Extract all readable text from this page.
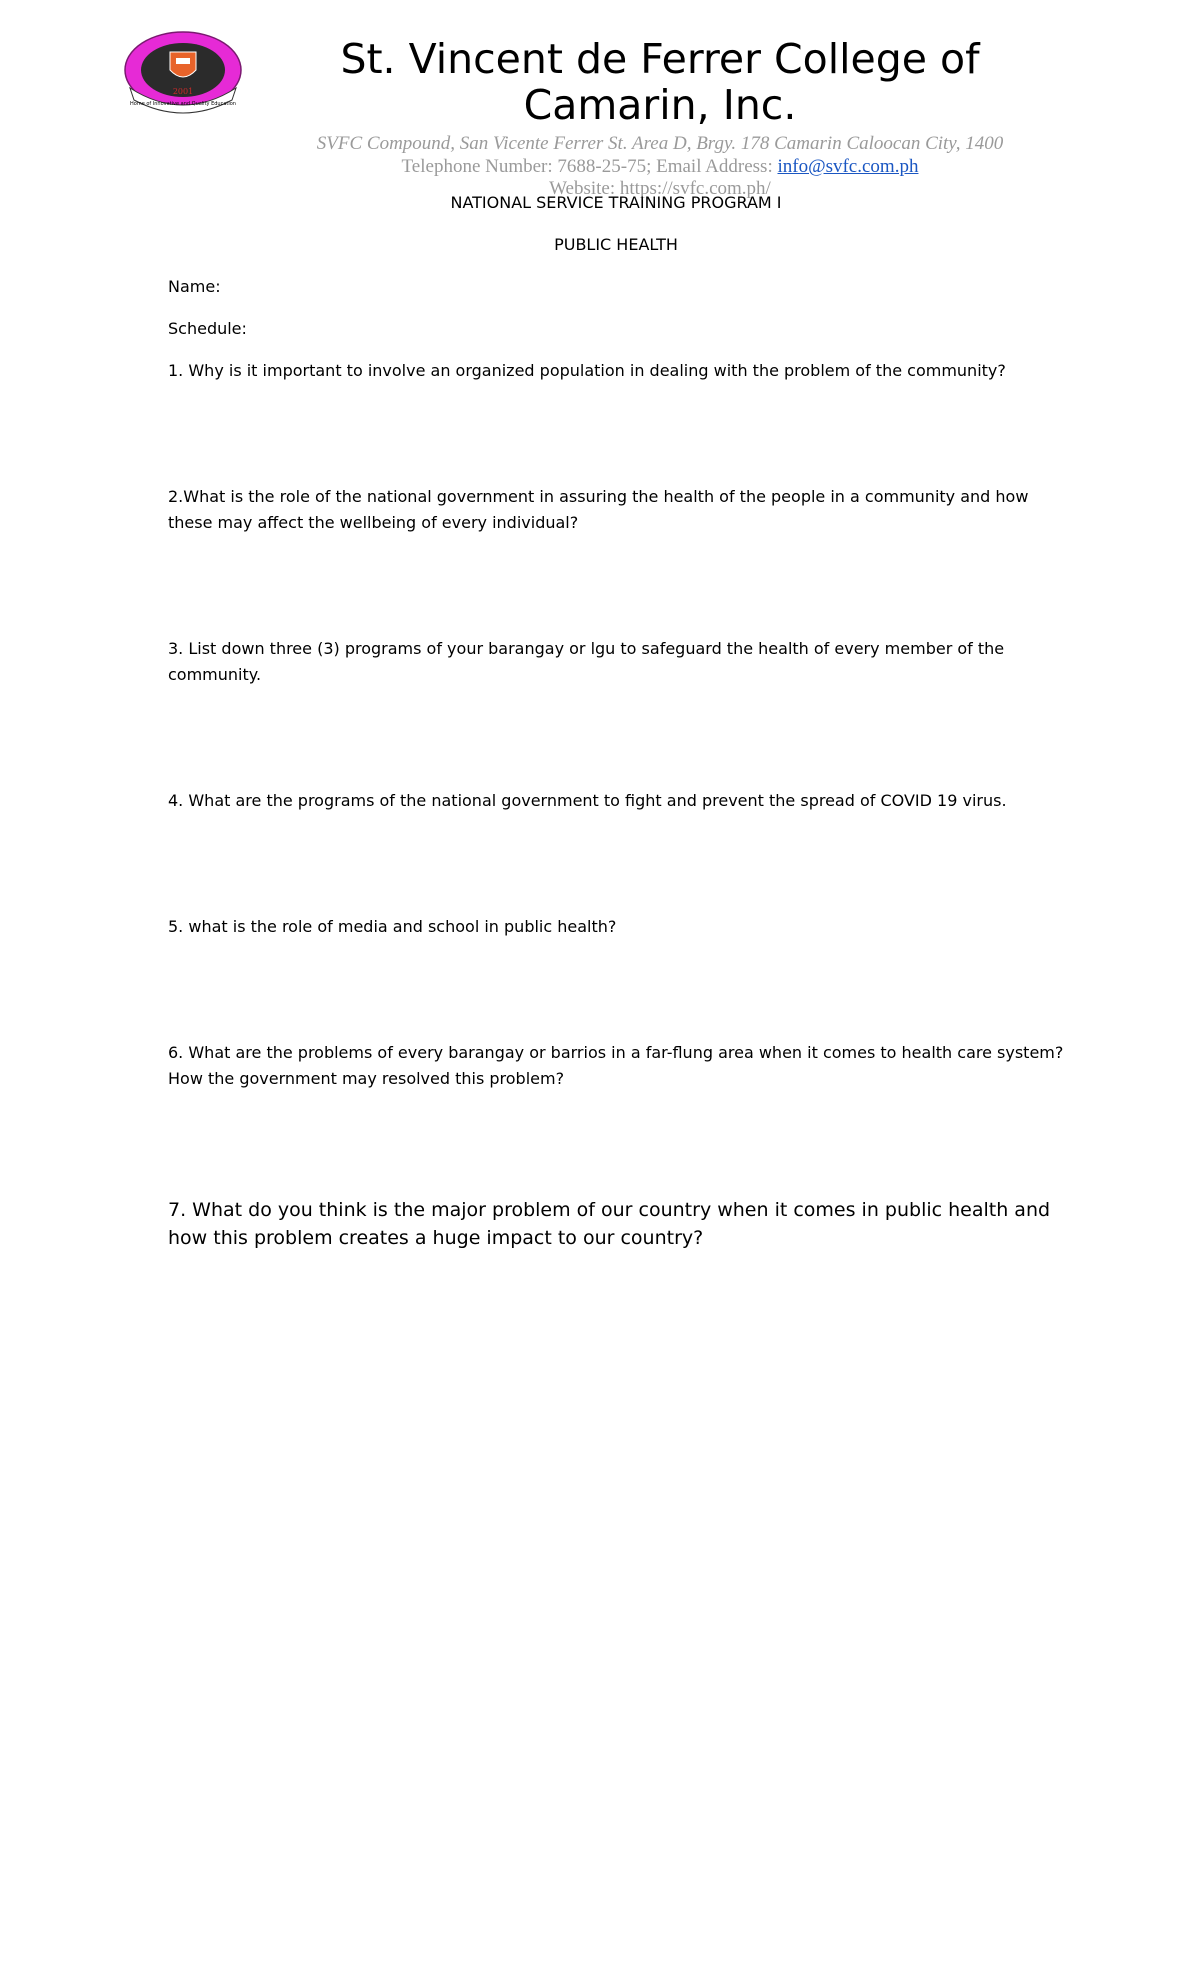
2001
Home of Innovative and Quality Education
St. Vincent de Ferrer College of Camarin, Inc.
SVFC Compound, San Vicente Ferrer St. Area D, Brgy. 178 Camarin Caloocan City, 1400
Telephone Number: 7688-25-75; Email Address: info@svfc.com.ph
Website: https://svfc.com.ph/
NATIONAL SERVICE TRAINING PROGRAM I
PUBLIC HEALTH
Name:
Schedule:

1. Why is it important to involve an organized population in dealing with the problem of the community?

2.What is the role of the national government in assuring the health of the people in a community and how these may affect the wellbeing of every individual?

3. List down three (3) programs of your barangay or lgu to safeguard the health of every member of the community.

4. What are the programs of the national government to fight and prevent the spread of COVID 19 virus.

5. what is the role of media and school in public health?

6. What are the problems of every barangay or barrios in a far-flung area when it comes to health care system? How the government may resolved this problem?

7. What do you think is the major problem of our country when it comes in public health and how this problem creates a huge impact to our country?
